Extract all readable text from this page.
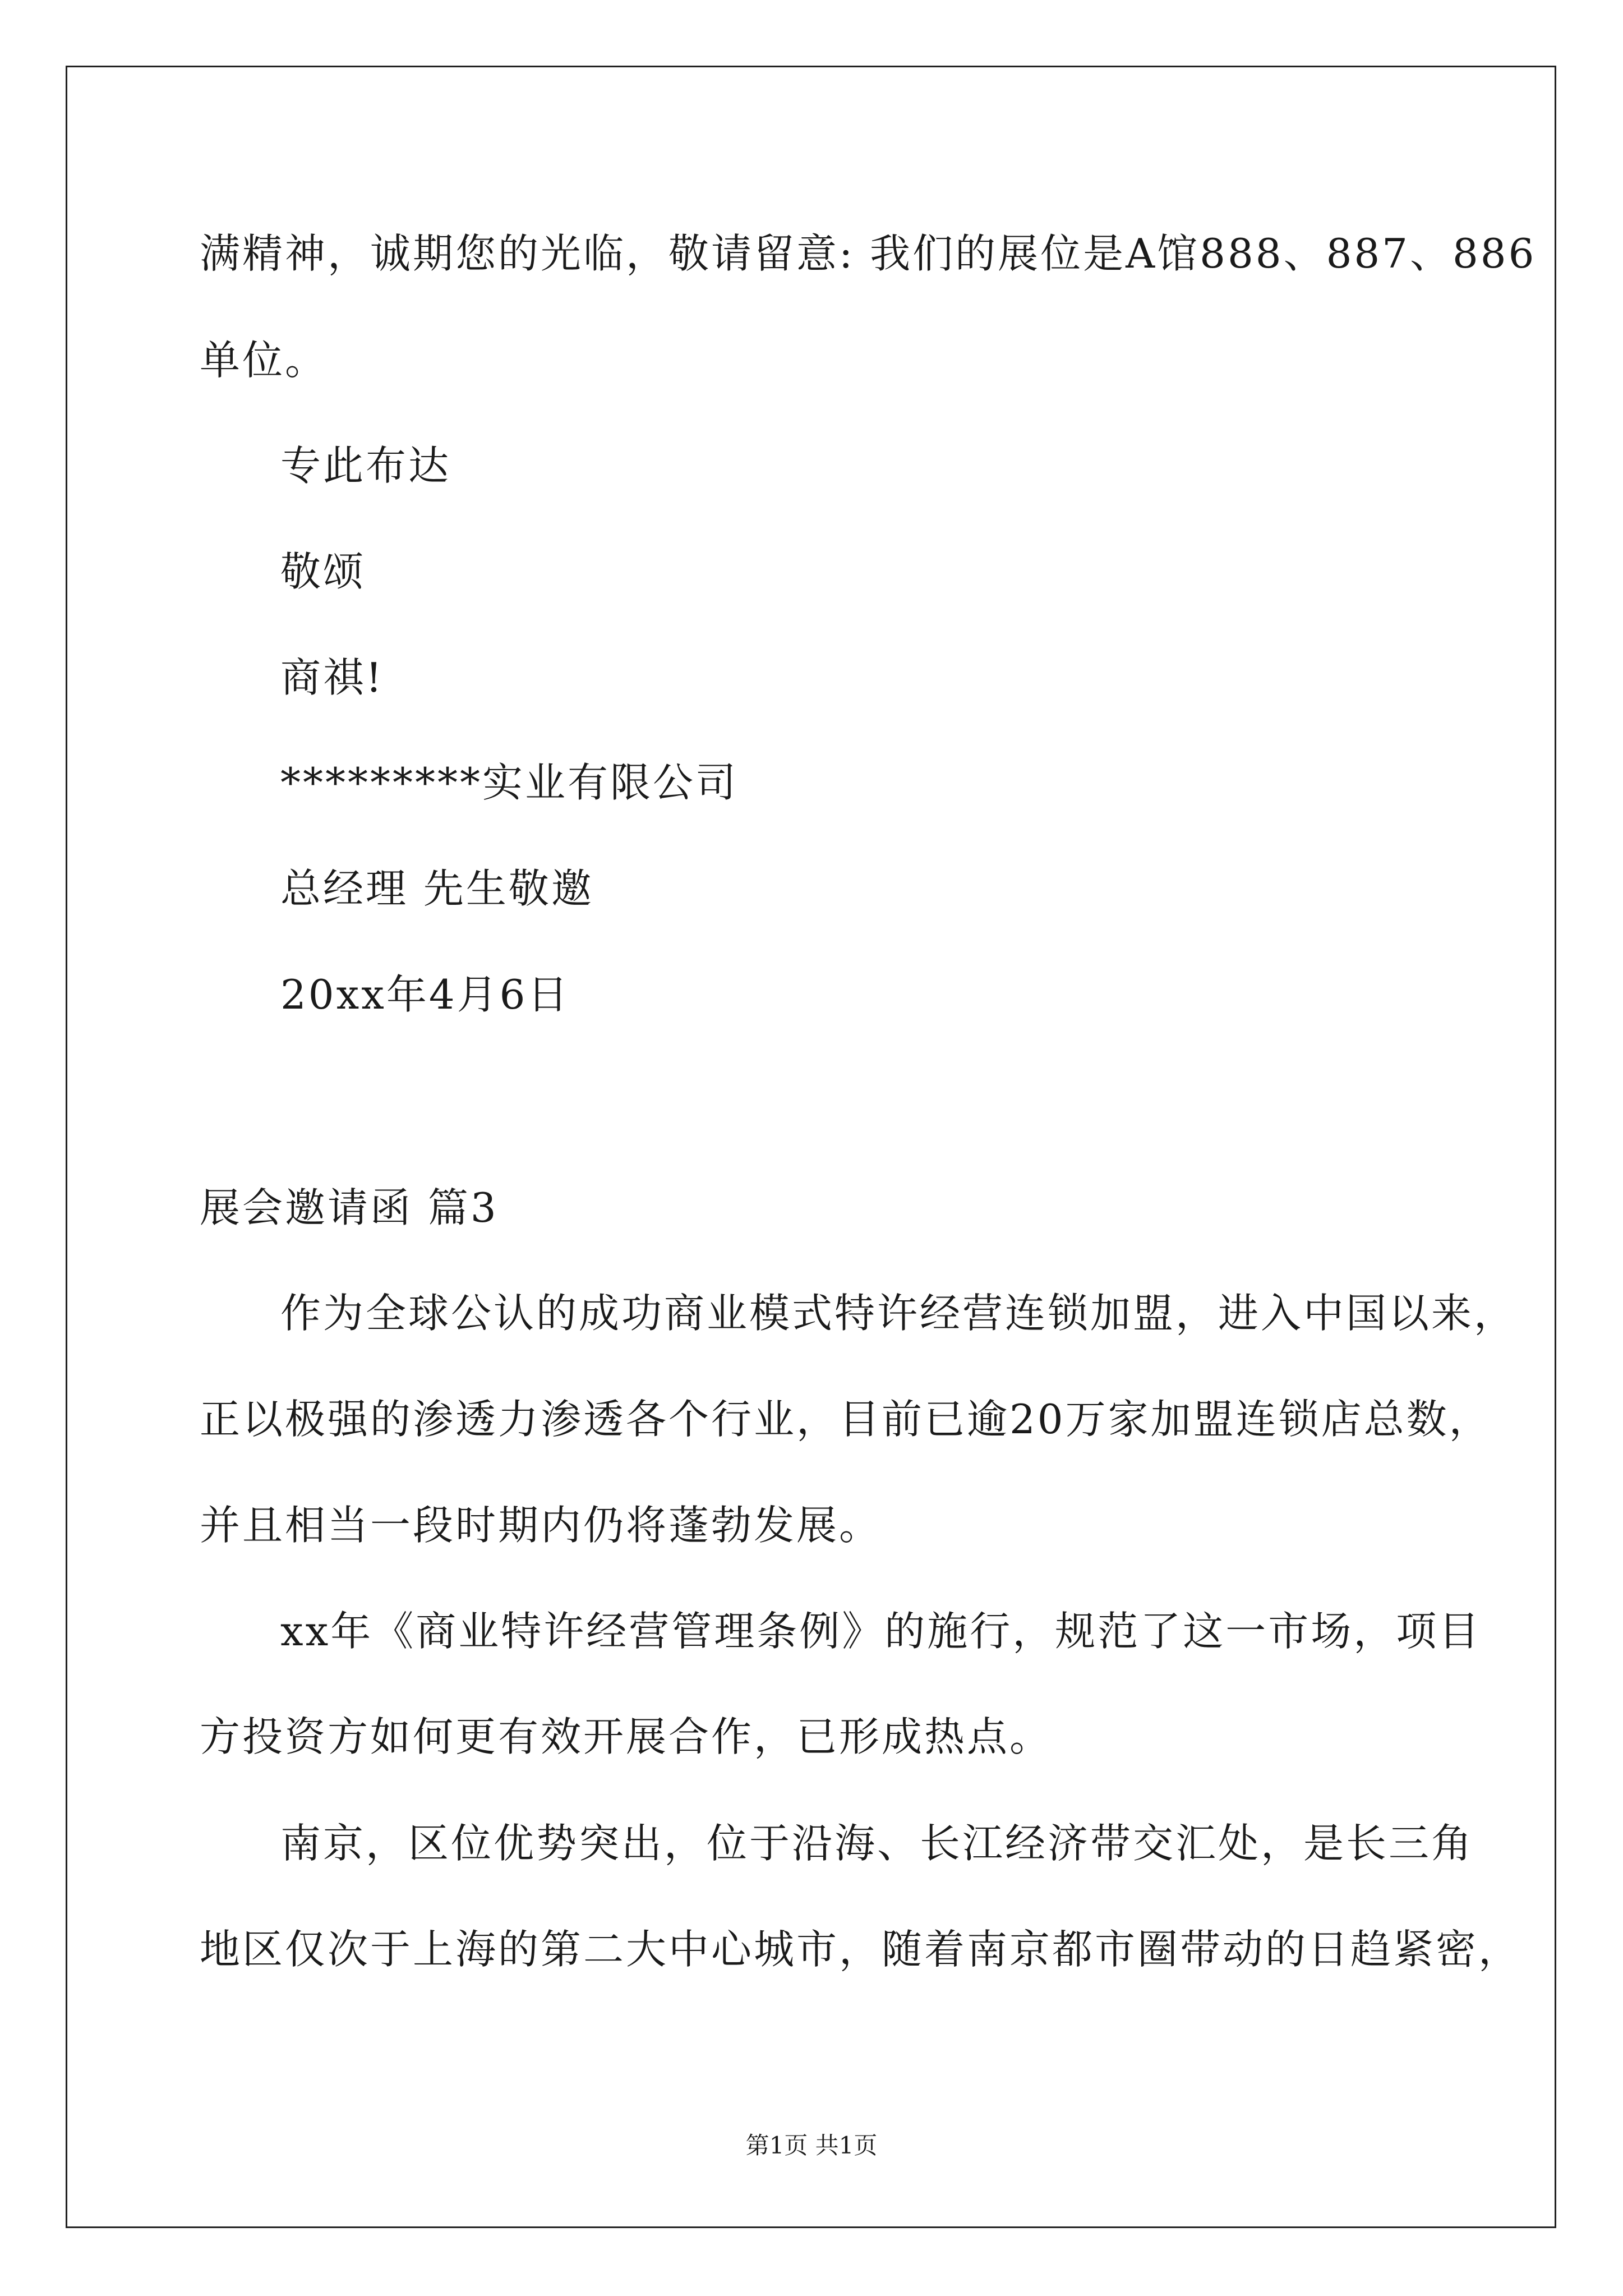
满精神，诚期您的光临，敬请留意: 我们的展位是A馆888、887、886
单位。
专此布达
敬颂
商祺!
*********实业有限公司
总经理 先生敬邀
20xx年4月6日
展会邀请函 篇3
作为全球公认的成功商业模式特许经营连锁加盟，进入中国以来，
正以极强的渗透力渗透各个行业，目前已逾20万家加盟连锁店总数，
并且相当一段时期内仍将蓬勃发展。
xx年《商业特许经营管理条例》的施行，规范了这一市场，项目
方投资方如何更有效开展合作，已形成热点。
南京，区位优势突出，位于沿海、长江经济带交汇处，是长三角
地区仅次于上海的第二大中心城市，随着南京都市圈带动的日趋紧密，
第1页 共1页
